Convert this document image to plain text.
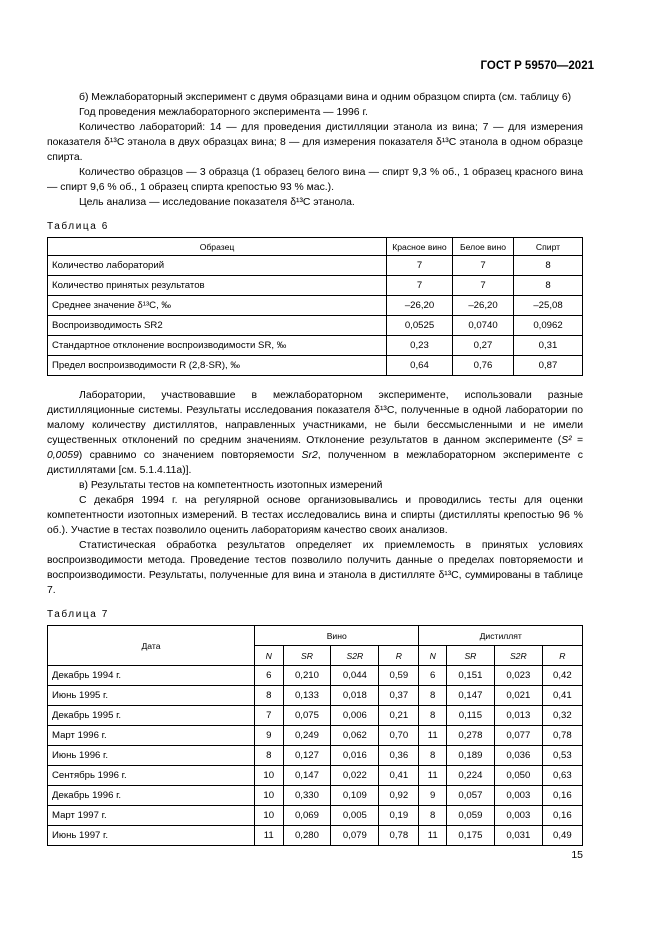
ГОСТ Р 59570—2021

б) Межлабораторный эксперимент с двумя образцами вина и одним образцом спирта (см. таблицу 6)

Год проведения межлабораторного эксперимента — 1996 г.

Количество лабораторий: 14 — для проведения дистилляции этанола из вина; 7 — для измерения показателя δ¹³C этанола в двух образцах вина; 8 — для измерения показателя δ¹³C этанола в одном образце спирта.

Количество образцов — 3 образца (1 образец белого вина — спирт 9,3 % об., 1 образец красного вина — спирт 9,6 % об., 1 образец спирта крепостью 93 % мас.).

Цель анализа — исследование показателя δ¹³C этанола.

Таблица 6
Образец	Красное вино	Белое вино	Спирт
Количество лабораторий	7	7	8
Количество принятых результатов	7	7	8
Среднее значение δ¹³C, ‰	–26,20	–26,20	–25,08
Воспроизводимость SR2	0,0525	0,0740	0,0962
Стандартное отклонение воспроизводимости SR, ‰	0,23	0,27	0,31
Предел воспроизводимости R (2,8·SR), ‰	0,64	0,76	0,87

Лаборатории, участвовавшие в межлабораторном эксперименте, использовали разные дистилляционные системы. Результаты исследования показателя δ¹³C, полученные в одной лаборатории по малому количеству дистиллятов, направленных участниками, не были бессмысленными и не имели существенных отклонений по средним значениям. Отклонение результатов в данном эксперименте (S² = 0,0059) сравнимо со значением повторяемости Sr2, полученном в межлабораторном эксперименте с дистиллятами [см. 5.1.4.11а)].

в) Результаты тестов на компетентность изотопных измерений

С декабря 1994 г. на регулярной основе организовывались и проводились тесты для оценки компетентности изотопных измерений. В тестах исследовались вина и спирты (дистилляты крепостью 96 % об.). Участие в тестах позволило оценить лабораториям качество своих анализов.

Статистическая обработка результатов определяет их приемлемость в принятых условиях воспроизводимости метода. Проведение тестов позволило получить данные о пределах повторяемости и воспроизводимости. Результаты, полученные для вина и этанола в дистилляте δ¹³C, суммированы в таблице 7.

Таблица 7
Дата	Вино				Дистиллят			
	N	SR	S2R	R	N	SR	S2R	R
Декабрь 1994 г.	6	0,210	0,044	0,59	6	0,151	0,023	0,42
Июнь 1995 г.	8	0,133	0,018	0,37	8	0,147	0,021	0,41
Декабрь 1995 г.	7	0,075	0,006	0,21	8	0,115	0,013	0,32
Март 1996 г.	9	0,249	0,062	0,70	11	0,278	0,077	0,78
Июнь 1996 г.	8	0,127	0,016	0,36	8	0,189	0,036	0,53
Сентябрь 1996 г.	10	0,147	0,022	0,41	11	0,224	0,050	0,63
Декабрь 1996 г.	10	0,330	0,109	0,92	9	0,057	0,003	0,16
Март 1997 г.	10	0,069	0,005	0,19	8	0,059	0,003	0,16
Июнь 1997 г.	11	0,280	0,079	0,78	11	0,175	0,031	0,49
15
